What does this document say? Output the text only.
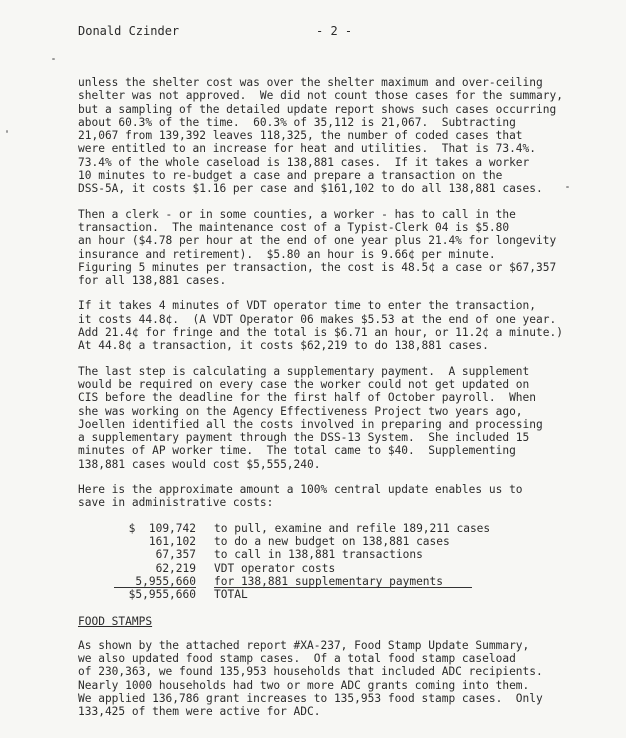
Donald Czinder	- 2 -
unless the shelter cost was over the shelter maximum and over-ceiling
shelter was not approved.  We did not count those cases for the summary,
but a sampling of the detailed update report shows such cases occurring
about 60.3% of the time.  60.3% of 35,112 is 21,067.  Subtracting
21,067 from 139,392 leaves 118,325, the number of coded cases that
were entitled to an increase for heat and utilities.  That is 73.4%.
73.4% of the whole caseload is 138,881 cases.  If it takes a worker
10 minutes to re-budget a case and prepare a transaction on the
DSS-5A, it costs $1.16 per case and $161,102 to do all 138,881 cases.
Then a clerk - or in some counties, a worker - has to call in the
transaction.  The maintenance cost of a Typist-Clerk 04 is $5.80
an hour ($4.78 per hour at the end of one year plus 21.4% for longevity
insurance and retirement).  $5.80 an hour is 9.66¢ per minute.
Figuring 5 minutes per transaction, the cost is 48.5¢ a case or $67,357
for all 138,881 cases.
If it takes 4 minutes of VDT operator time to enter the transaction,
it costs 44.8¢.  (A VDT Operator 06 makes $5.53 at the end of one year.
Add 21.4¢ for fringe and the total is $6.71 an hour, or 11.2¢ a minute.)
At 44.8¢ a transaction, it costs $62,219 to do 138,881 cases.
The last step is calculating a supplementary payment.  A supplement
would be required on every case the worker could not get updated on
CIS before the deadline for the first half of October payroll.  When
she was working on the Agency Effectiveness Project two years ago,
Joellen identified all the costs involved in preparing and processing
a supplementary payment through the DSS-13 System.  She included 15
minutes of AP worker time.  The total came to $40.  Supplementing
138,881 cases would cost $5,555,240.
Here is the approximate amount a 100% central update enables us to
save in administrative costs:
$  109,742 to pull, examine and refile 189,211 cases
161,102 to do a new budget on 138,881 cases
67,357 to call in 138,881 transactions
62,219 VDT operator costs
5,955,660 for 138,881 supplementary payments
$5,955,660 TOTAL
FOOD STAMPS
As shown by the attached report #XA-237, Food Stamp Update Summary,
we also updated food stamp cases.  Of a total food stamp caseload
of 230,363, we found 135,953 households that included ADC recipients.
Nearly 1000 households had two or more ADC grants coming into them.
We applied 136,786 grant increases to 135,953 food stamp cases.  Only
133,425 of them were active for ADC.
